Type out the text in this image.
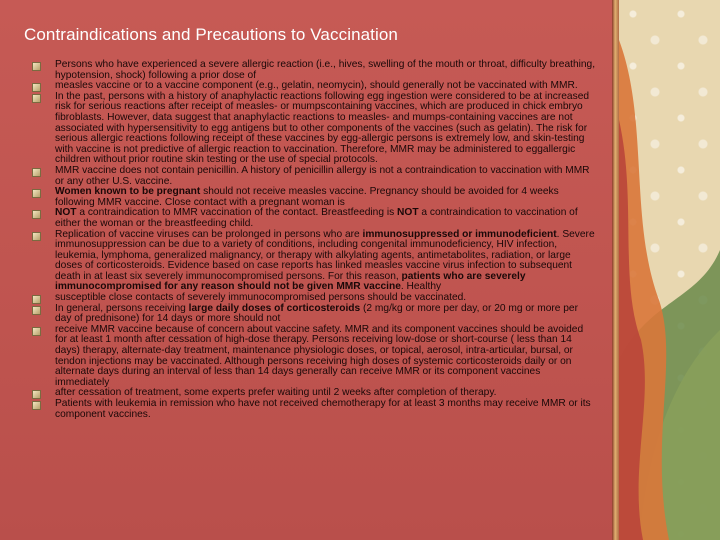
Contraindications and Precautions to Vaccination
Persons who have experienced a severe allergic reaction (i.e., hives, swelling of the mouth or throat, difficulty breathing, hypotension, shock) following a prior dose of
measles vaccine or to a vaccine component (e.g., gelatin, neomycin), should generally not be vaccinated with MMR.
In the past, persons with a history of anaphylactic reactions following egg ingestion were considered to be at increased risk for serious reactions after receipt of measles- or mumpscontaining vaccines, which are produced in chick embryo fibroblasts. However, data suggest that anaphylactic reactions to measles- and mumps-containing vaccines are not associated with hypersensitivity to egg antigens but to other components of the vaccines (such as gelatin). The risk for serious allergic reactions following receipt of these vaccines by egg-allergic persons is extremely low, and skin-testing with vaccine is not predictive of allergic reaction to vaccination. Therefore, MMR may be administered to eggallergic children without prior routine skin testing or the use of special protocols.
MMR vaccine does not contain penicillin. A history of penicillin allergy is not a contraindication to vaccination with MMR or any other U.S. vaccine.
Women known to be pregnant should not receive measles vaccine. Pregnancy should be avoided for 4 weeks following MMR vaccine. Close contact with a pregnant woman is
NOT a contraindication to MMR vaccination of the contact. Breastfeeding is NOT a contraindication to vaccination of either the woman or the breastfeeding child.
Replication of vaccine viruses can be prolonged in persons who are immunosuppressed or immunodeficient. Severe immunosuppression can be due to a variety of conditions, including congenital immunodeficiency, HIV infection, leukemia, lymphoma, generalized malignancy, or therapy with alkylating agents, antimetabolites, radiation, or large doses of corticosteroids. Evidence based on case reports has linked measles vaccine virus infection to subsequent death in at least six severely immunocompromised persons. For this reason, patients who are severely immunocompromised for any reason should not be given MMR vaccine. Healthy
susceptible close contacts of severely immunocompromised persons should be vaccinated.
In general, persons receiving large daily doses of corticosteroids (2 mg/kg or more per day, or 20 mg or more per day of prednisone) for 14 days or more should not
receive MMR vaccine because of concern about vaccine safety. MMR and its component vaccines should be avoided for at least 1 month after cessation of high-dose therapy. Persons receiving low-dose or short-course ( less than 14 days) therapy, alternate-day treatment, maintenance physiologic doses, or topical, aerosol, intra-articular, bursal, or tendon injections may be vaccinated. Although persons receiving high doses of systemic corticosteroids daily or on alternate days during an interval of less than 14 days generally can receive MMR or its component vaccines immediately
after cessation of treatment, some experts prefer waiting until 2 weeks after completion of therapy.
Patients with leukemia in remission who have not received chemotherapy for at least 3 months may receive MMR or its component vaccines.
